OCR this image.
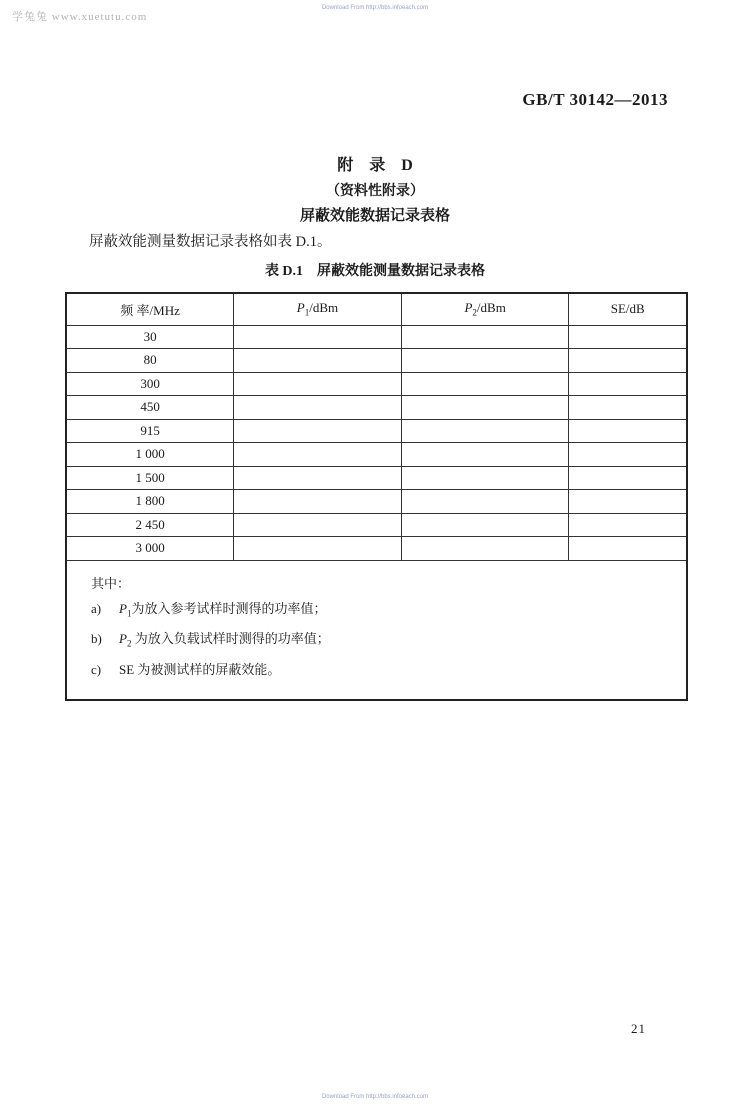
学兔兔 www.xuetutu.com
Download From http://bbs.infoeach.com
GB/T 30142—2013
附　录　D
（资料性附录）
屏蔽效能数据记录表格
屏蔽效能测量数据记录表格如表 D.1。
表 D.1　屏蔽效能测量数据记录表格
频 率/MHz	$P_1$/dBm	$P_2$/dBm	SE/dB
30			
80			
300			
450			
915			
1 000			
1 500			
1 800			
2 450			
3 000			

其中：
a) $P_1$为放入参考试样时测得的功率值；
b) $P_2$ 为放入负载试样时测得的功率值；
c) SE 为被测试样的屏蔽效能。			
21
Download From http://bbs.infoeach.com
